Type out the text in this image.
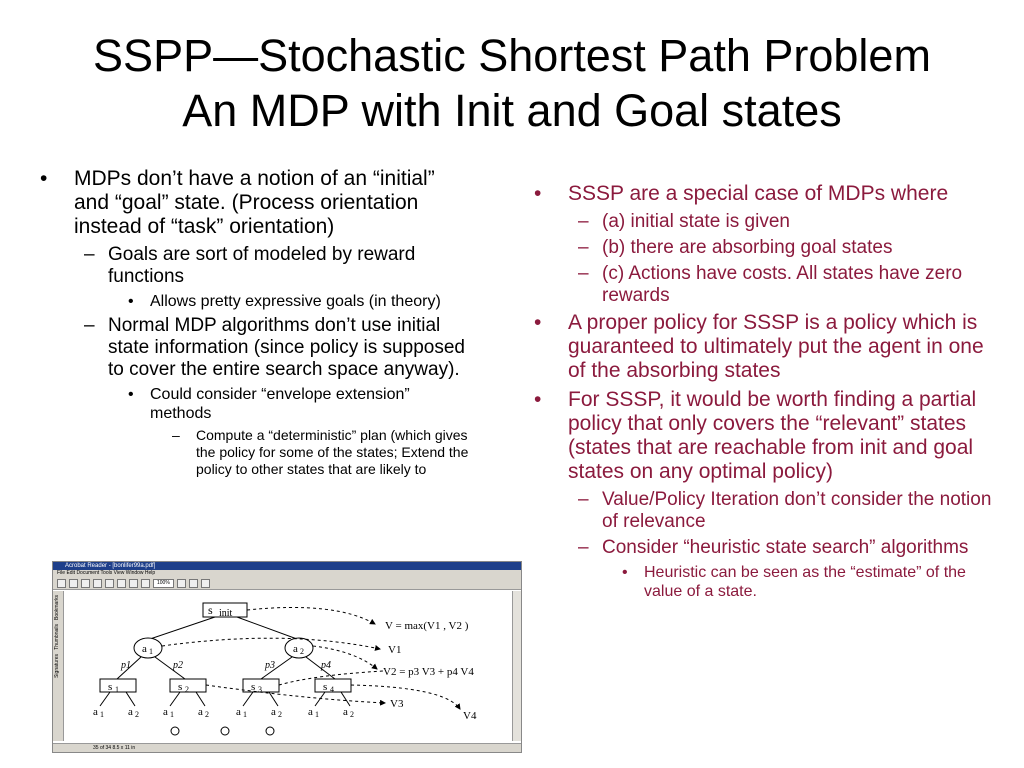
SSPP—Stochastic Shortest Path Problem
An MDP with Init and Goal states
•	MDPs don’t have a notion of an “initial” and “goal” state. (Process orientation instead of “task” orientation)
– Goals are sort of modeled by reward functions
•	Allows pretty expressive goals (in theory)
– Normal MDP algorithms don’t use initial state information (since policy is supposed to cover the entire search space anyway).
•	Could consider “envelope extension” methods
–	Compute a “deterministic” plan (which gives the policy for some of the states; Extend the policy to other states that are likely to
Acrobat Reader - [bonlifer99a.pdf]
File Edit Document Tools View Window Help
100%
Bookmarks
Thumbnails
Signatures
s init
a 1	a 2
p1	p2	p3	p4
s 1	s 2	s 3	s 4
a 1 a 2 a 1 a 2 a 1 a 2 a 1 a 2
V = max(V1 , V2 )
V1
V2 = p3 V3 + p4 V4
V3
V4
35 of 34 8.5 x 11 in
•	SSSP are a special case of MDPs where
– (a) initial state is given
– (b) there are absorbing goal states
– (c) Actions have costs. All states have zero rewards
•	A proper policy for SSSP is a policy which is guaranteed to ultimately put the agent in one of the absorbing states
•	For SSSP, it would be worth finding a partial policy that only covers the “relevant” states (states that are reachable from init and goal states on any optimal policy)
– Value/Policy Iteration don’t consider the notion of relevance
– Consider “heuristic state search” algorithms
•	Heuristic can be seen as the “estimate” of the value of a state.
